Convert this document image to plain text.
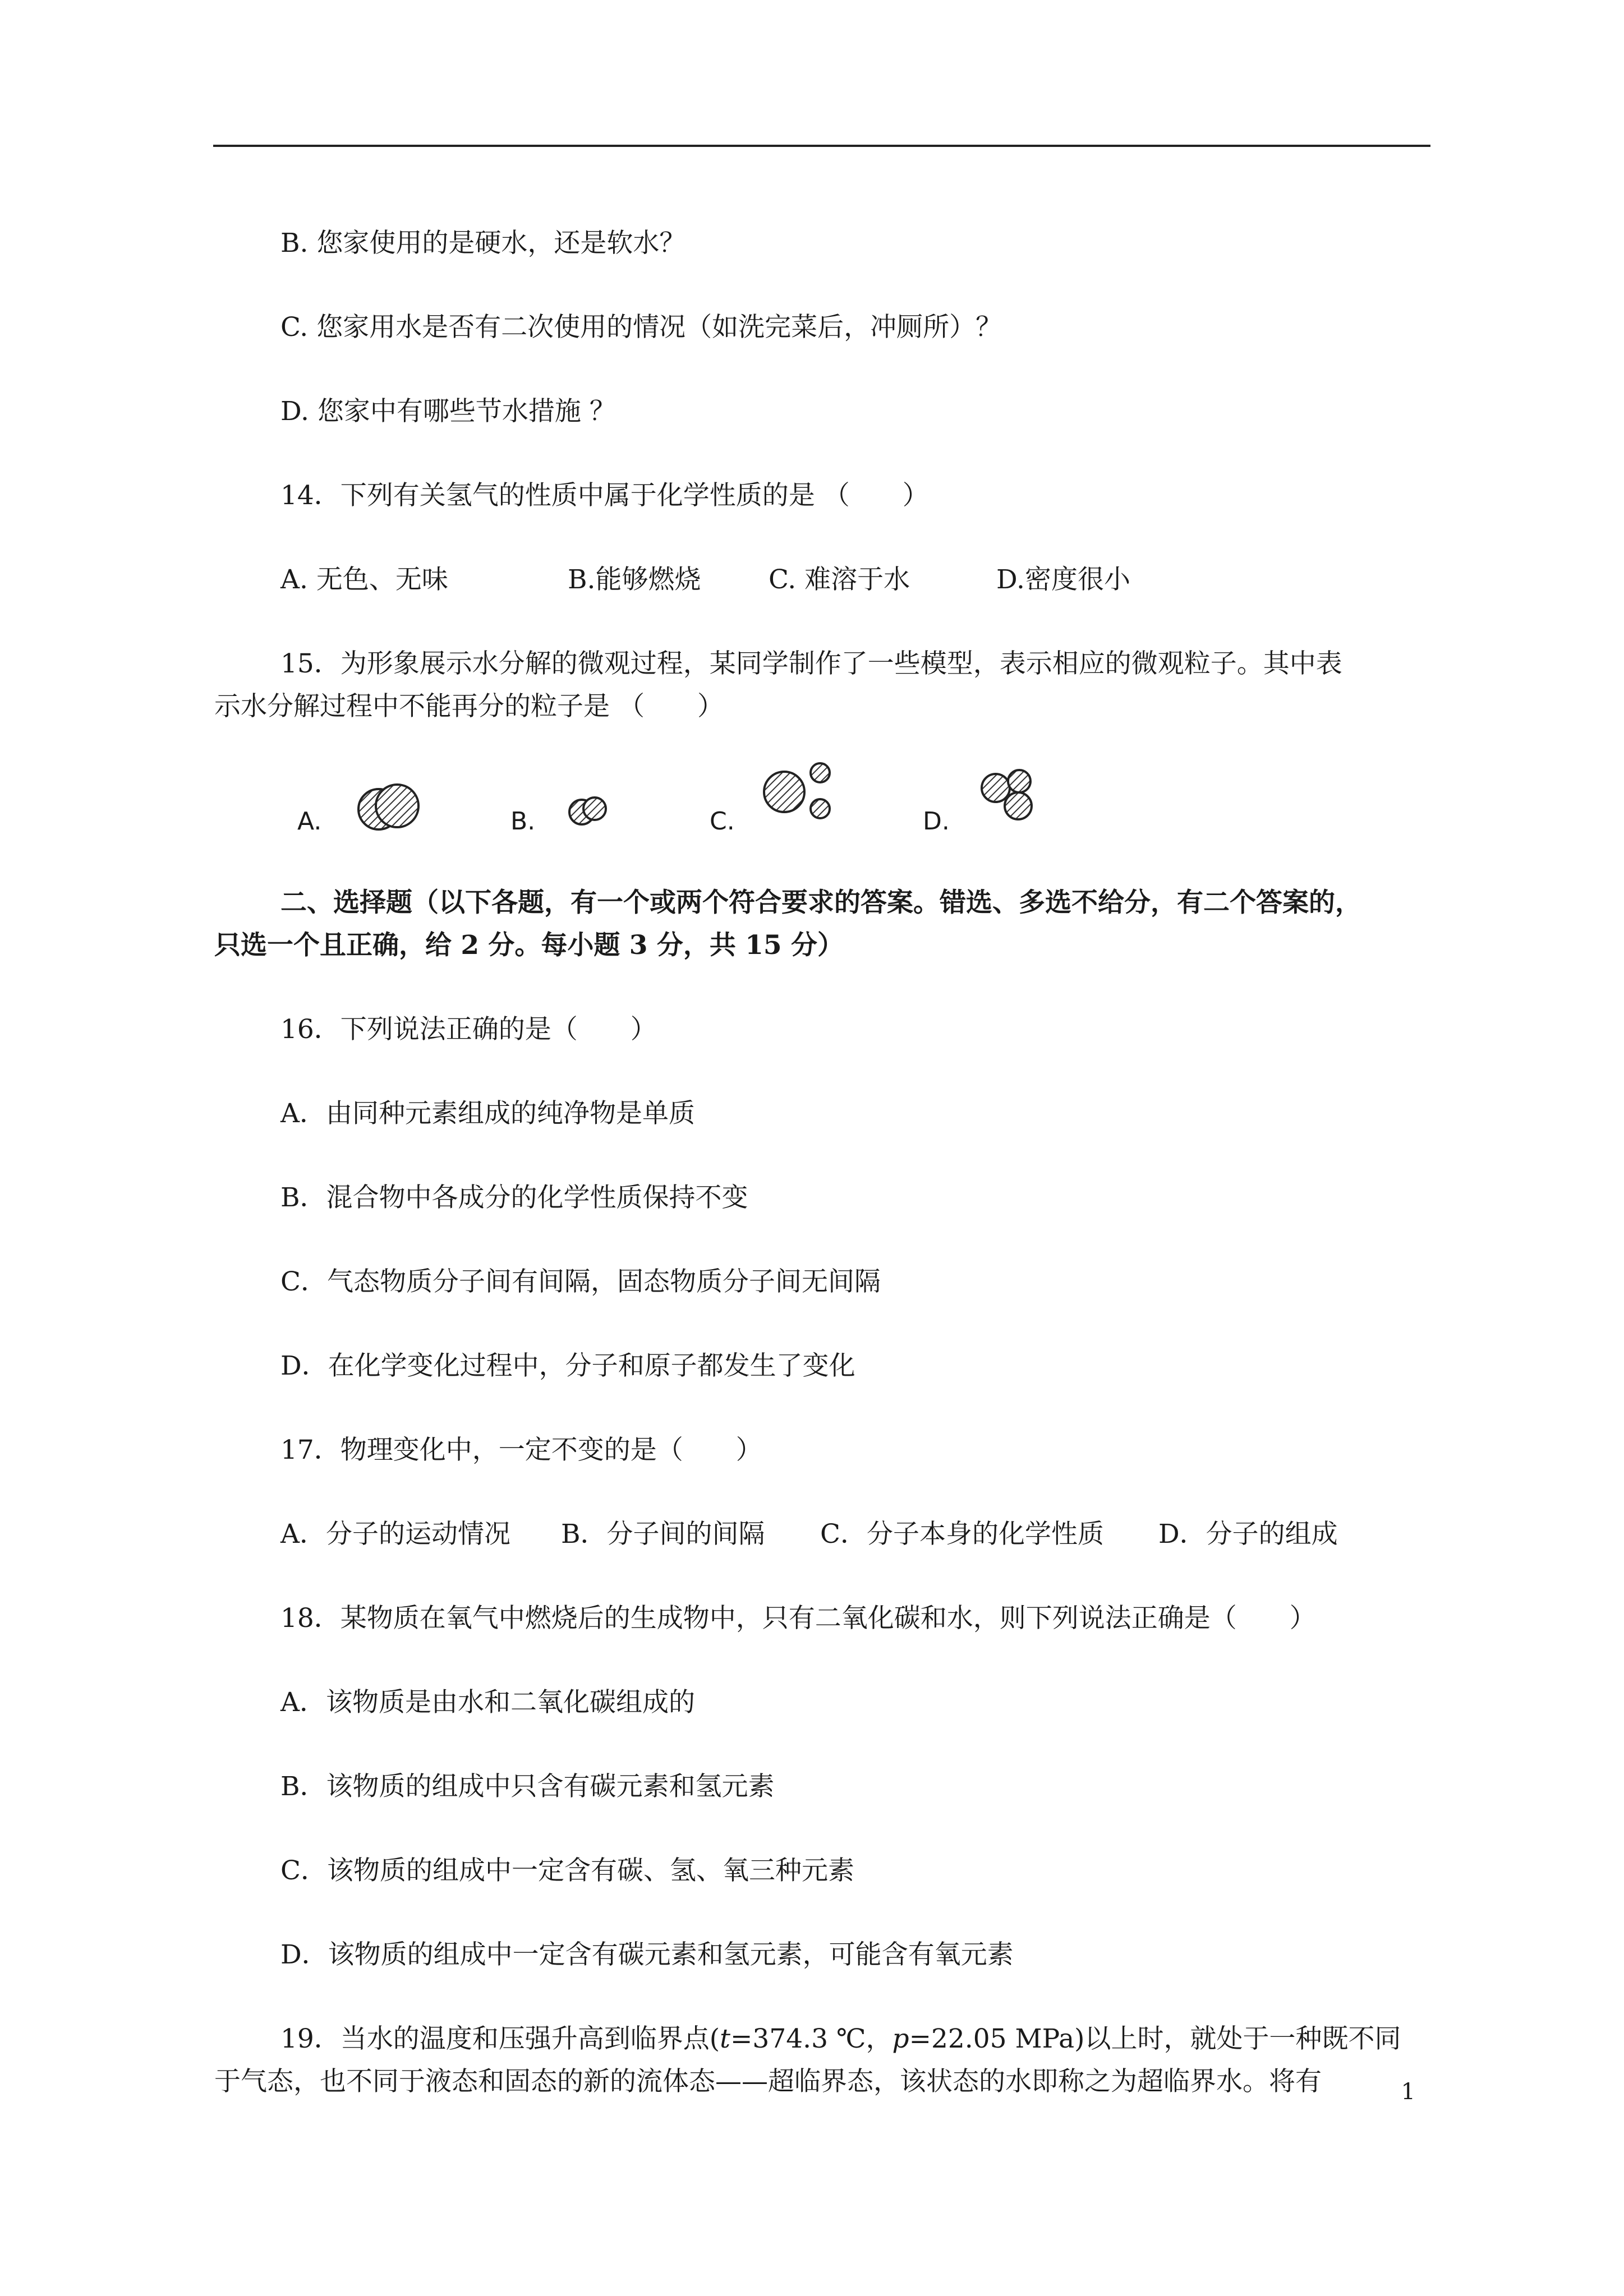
B. 您家使用的是硬水，还是软水？
C. 您家用水是否有二次使用的情况（如洗完菜后，冲厕所）？
D. 您家中有哪些节水措施 ？
14．下列有关氢气的性质中属于化学性质的是 （　　）
A. 无色、无味	B.能够燃烧	C. 难溶于水	D.密度很小
15．为形象展示水分解的微观过程，某同学制作了一些模型，表示相应的微观粒子。其中表
示水分解过程中不能再分的粒子是 （　　）
A.	B.	C.	D.
二、选择题（以下各题，有一个或两个符合要求的答案。错选、多选不给分，有二个答案的，
只选一个且正确，给 2 分。每小题 3 分，共 15 分）
16．下列说法正确的是（　　）
A．由同种元素组成的纯净物是单质
B．混合物中各成分的化学性质保持不变
C．气态物质分子间有间隔，固态物质分子间无间隔
D．在化学变化过程中，分子和原子都发生了变化
17．物理变化中，一定不变的是（　　）
A．分子的运动情况 B．分子间的间隔 C．分子本身的化学性质 D．分子的组成
18．某物质在氧气中燃烧后的生成物中，只有二氧化碳和水，则下列说法正确是（　　）
A．该物质是由水和二氧化碳组成的
B．该物质的组成中只含有碳元素和氢元素
C．该物质的组成中一定含有碳、氢、氧三种元素
D．该物质的组成中一定含有碳元素和氢元素，可能含有氧元素
19．当水的温度和压强升高到临界点(t=374.3 ℃，p=22.05 MPa)以上时，就处于一种既不同
于气态，也不同于液态和固态的新的流体态——超临界态，该状态的水即称之为超临界水。将有	1
